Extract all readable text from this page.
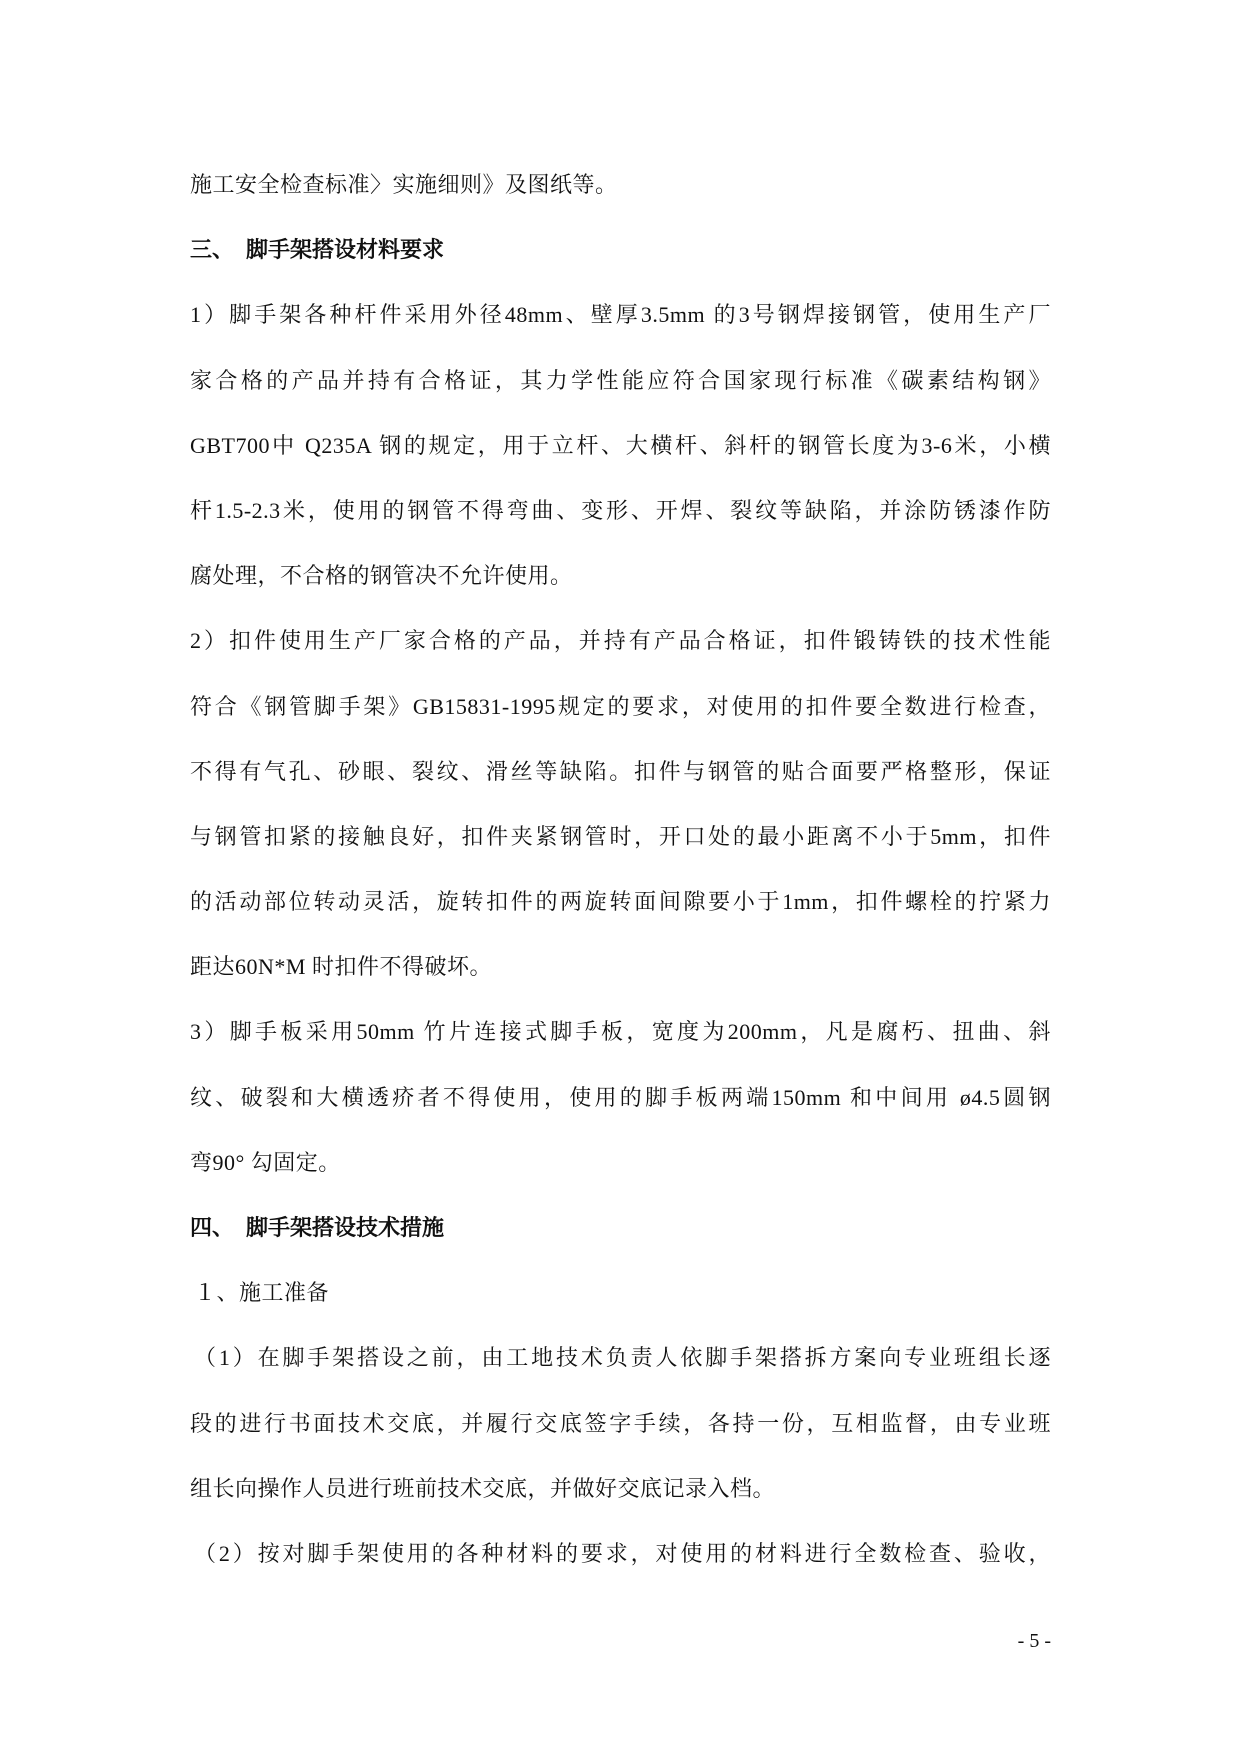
施工安全检查标准〉实施细则》及图纸等。
三、 脚手架搭设材料要求
1）脚手架各种杆件采用外径48mm、壁厚3.5mm 的3号钢焊接钢管，使用生产厂
家合格的产品并持有合格证，其力学性能应符合国家现行标准《碳素结构钢》
GBT700中 Q235A 钢的规定，用于立杆、大横杆、斜杆的钢管长度为3-6米，小横
杆1.5-2.3米，使用的钢管不得弯曲、变形、开焊、裂纹等缺陷，并涂防锈漆作防
腐处理，不合格的钢管决不允许使用。
2）扣件使用生产厂家合格的产品，并持有产品合格证，扣件锻铸铁的技术性能
符合《钢管脚手架》GB15831-1995规定的要求，对使用的扣件要全数进行检查，
不得有气孔、砂眼、裂纹、滑丝等缺陷。扣件与钢管的贴合面要严格整形，保证
与钢管扣紧的接触良好，扣件夹紧钢管时，开口处的最小距离不小于5mm，扣件
的活动部位转动灵活，旋转扣件的两旋转面间隙要小于1mm，扣件螺栓的拧紧力
距达60N*M 时扣件不得破坏。
3）脚手板采用50mm 竹片连接式脚手板，宽度为200mm，凡是腐朽、扭曲、斜
纹、破裂和大横透疥者不得使用，使用的脚手板两端150mm 和中间用 ø4.5圆钢
弯90° 勾固定。
四、 脚手架搭设技术措施
１、施工准备
（1）在脚手架搭设之前，由工地技术负责人依脚手架搭拆方案向专业班组长逐
段的进行书面技术交底，并履行交底签字手续，各持一份，互相监督，由专业班
组长向操作人员进行班前技术交底，并做好交底记录入档。
（2）按对脚手架使用的各种材料的要求，对使用的材料进行全数检查、验收，
- 5 -
